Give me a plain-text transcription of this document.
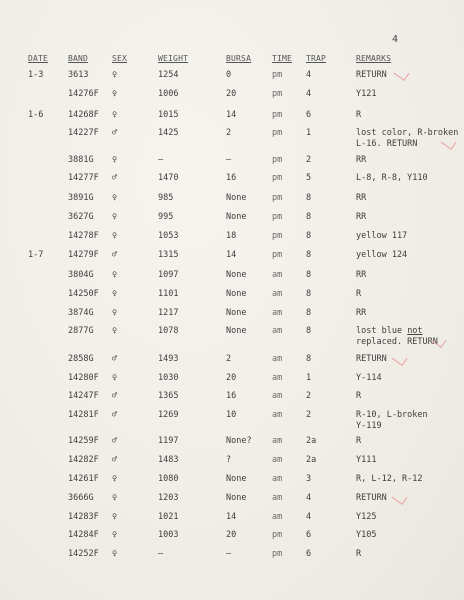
4
DATE BAND	SEX	WEIGHT	BURSA	TIME TRAP	REMARKS
1-3	3613	♀	1254	0	pm	4	RETURN
14276F ♀	1006	20	pm	4	Y121
1-6	14268F ♀	1015	14	pm	6	R
14227F ♂	1425	2	pm	1	lost color, R-broken
L-16. RETURN
3881G ♀	–	–	pm	2	RR
14277F ♂	1470	16	pm	5	L-8, R-8, Y110
3891G ♀	985	None	pm	8	RR
3627G ♀	995	None	pm	8	RR
14278F ♀	1053	18	pm	8	yellow 117
1-7	14279F ♂	1315	14	pm	8	yellow 124
3804G ♀	1097	None	am	8	RR
14250F ♀	1101	None	am	8	R
3874G ♀	1217	None	am	8	RR
2877G ♀	1078	None	am	8	lost blue not
replaced. RETURN
2858G ♂	1493	2	am	8	RETURN
14280F ♀	1030	20	am	1	Y-114
14247F ♂	1365	16	am	2	R
14281F ♂	1269	10	am	2	R-10, L-broken
Y-119
14259F ♂	1197	None? am	2a	R
14282F ♂	1483	?	am	2a	Y111
14261F ♀	1080	None	am	3	R, L-12, R-12
3666G ♀	1203	None	am	4	RETURN
14283F ♀	1021	14	am	4	Y125
14284F ♀	1003	20	pm	6	Y105
14252F ♀	–	–	pm	6	R
